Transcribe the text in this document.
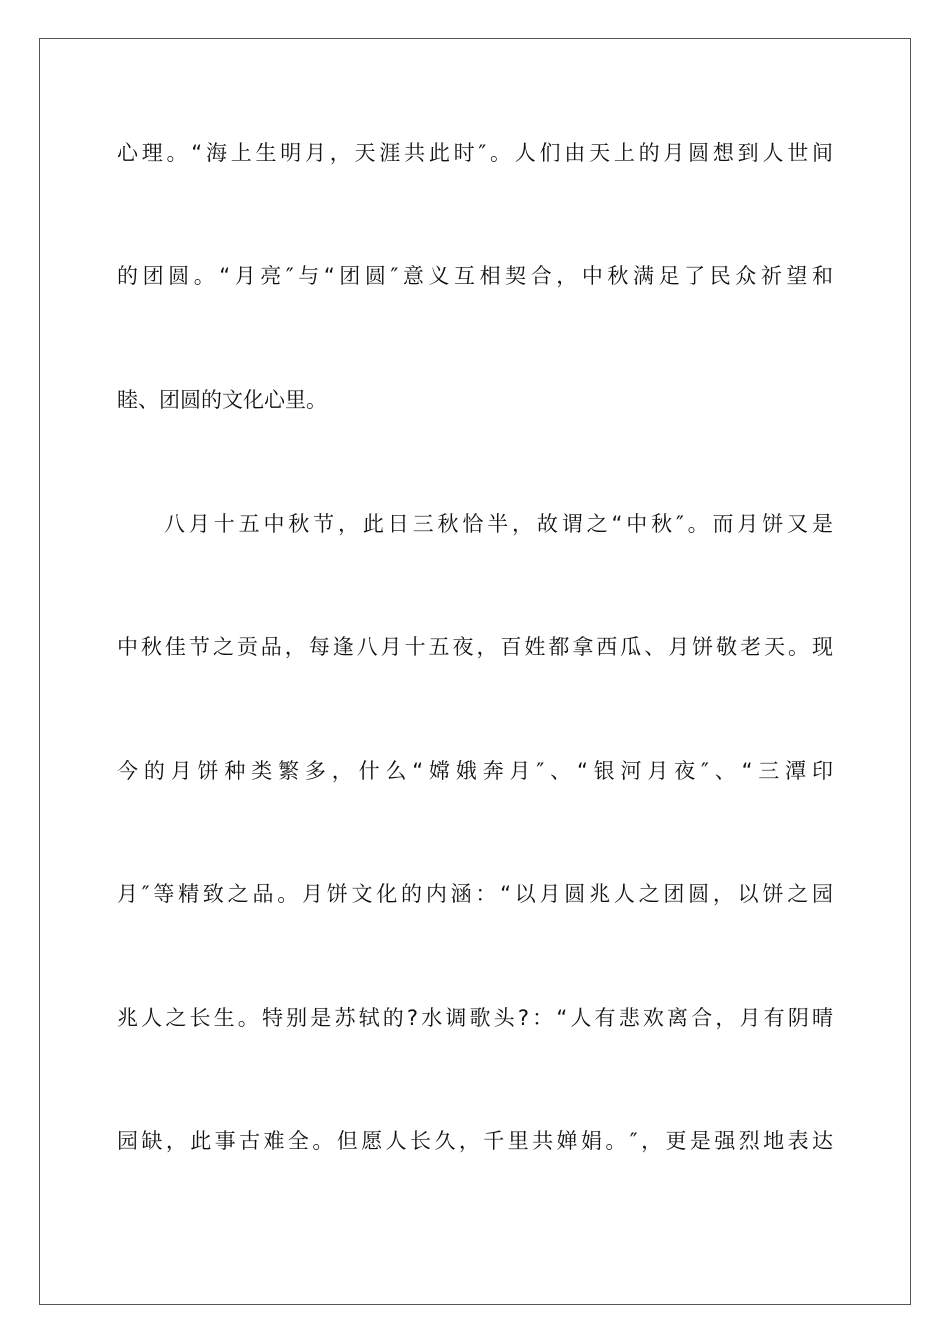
心理。“海上生明月，天涯共此时″。人们由天上的月圆想到人世间
的团圆。“月亮″与“团圆″意义互相契合，中秋满足了民众祈望和
睦、团圆的文化心里。
八月十五中秋节，此日三秋恰半，故谓之“中秋″。而月饼又是
中秋佳节之贡品，每逢八月十五夜，百姓都拿西瓜、月饼敬老天。现
今的月饼种类繁多，什么“嫦娥奔月″、“银河月夜″、“三潭印
月″等精致之品。月饼文化的内涵：“以月圆兆人之团圆，以饼之园
兆人之长生。特别是苏轼的?水调歌头?：“人有悲欢离合，月有阴晴
园缺，此事古难全。但愿人长久，千里共婵娟。″，更是强烈地表达
